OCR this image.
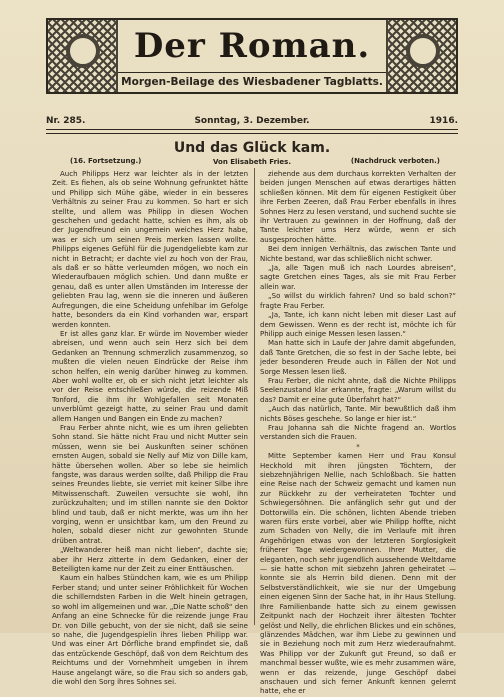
Der Roman.
Morgen-Beilage des Wiesbadener Tagblatts.
Nr. 285.	Sonntag, 3. Dezember.	1916.
Und das Glück kam.
(16. Fortsetzung.)	Von Elisabeth Fries.	(Nachdruck verboten.)

Auch Philipps Herz war leichter als in der letzten Zeit. Es fiehen, als ob seine Wohnung gefrunktet hätte und Philipp sich Mühe gäbe, wieder in ein besseres Verhältnis zu seiner Frau zu kommen. So hart er sich stellte, und allem was Philipp in diesen Wochen geschehen und gedacht hatte, schien es ihm, als ob der Jugendfreund ein ungemein weiches Herz habe, was er sich um seinen Preis merken lassen wollte. Philipps eigenes Gefühl für die Jugendgeliebte kam zur nicht in Betracht; er dachte viel zu hoch von der Frau, als daß er so hätte verleumden mögen, wo noch ein Wiederaufbauen möglich schien. Und dann mußte er genau, daß es unter allen Umständen im Interesse der geliebten Frau lag, wenn sie die inneren und äußeren Aufregungen, die eine Scheidung unfehlbar im Gefolge hatte, besonders da ein Kind vorhanden war, erspart werden konnten.

Er ist alles ganz klar. Er würde im November wieder abreisen, und wenn auch sein Herz sich bei dem Gedanken an Trennung schmerzlich zusammenzog, so mußten die vielen neuen Eindrücke der Reise ihm schon helfen, ein wenig darüber hinweg zu kommen. Aber wohl wollte er, ob er sich nicht jetzt leichter als vor der Reise entschließen würde, die reizende Miß Tonford, die ihm ihr Wohlgefallen seit Monaten unverblümt gezeigt hatte, zu seiner Frau und damit allem Hangen und Bangen ein Ende zu machen?

Frau Ferber ahnte nicht, wie es um ihren geliebten Sohn stand. Sie hätte nicht Frau und nicht Mutter sein müssen, wenn sie bei Auskunften seiner schönen ernsten Augen, sobald sie Nelly auf Miz von Dille kam, hätte übersehen wollen. Aber so lebe sie heimlich fangste, was daraus werden sollte, daß Philipp die Frau seines Freundes liebte, sie verriet mit keiner Silbe ihre Mitwissenschaft. Zuweilen versuchte sie wohl, ihn zurückzuhalten; und im stillen nannte sie den Doktor blind und taub, daß er nicht merkte, was um ihn her vorging, wenn er unsichtbar kam, um den Freund zu holen, sobald dieser nicht zur gewohnten Stunde drüben antrat.

„Weltwanderer heiß man nicht lieben“, dachte sie; aber ihr Herz zitterte in dem Gedanken, einer der Beteiligten kame nur der Zeit zu einer Enttäuschen.

Kaum ein halbes Stündchen kam, wie es um Philipp Ferber stand; und unter seiner Fröhlichkeit für Wochen die schillerndsten Farben in die Welt hinein getragen, so wohl im allgemeinen und war. „Die Natte schoß“ den Anfang an eine Schnecke für die reizende junge Frau Dr. von Dille gebucht, von der sie nicht, daß sie seine so nahe, die Jugendgespielin ihres lieben Philipp war. Und was einer Art Dörfliche brand empfindet sie, daß das entzückende Geschöpf, daß von dem Reichtum des Reichtums und der Vornehmheit umgeben in ihrem Hause angelangt wäre, so die Frau sich so anders gab, die wohl den Sorg ihres Sohnes sei.

ziehende aus dem durchaus korrekten Verhalten der beiden jungen Menschen auf etwas derartiges hätten schließen können. Mit dem für eigenen Festigkeit über ihre Ferben Zeeren, daß Frau Ferber ebenfalls in ihres Sohnes Herz zu lesen verstand, und suchend suchte sie ihr Vertrauen zu gewinnen in der Hoffnung, daß der Tante leichter ums Herz würde, wenn er sich ausgesprochen hätte.

Bei dem innigen Verhältnis, das zwischen Tante und Nichte bestand, war das schließlich nicht schwer.

„Ja, alle Tagen muß ich nach Lourdes abreisen“, sagte Gretchen eines Tages, als sie mit Frau Ferber allein war.

„So willst du wirklich fahren? Und so bald schon?“ fragte Frau Ferber.

„Ja, Tante, ich kann nicht leben mit dieser Last auf dem Gewissen. Wenn es der recht ist, möchte ich für Philipp auch einige Messen lesen lassen.“

Man hatte sich in Laufe der Jahre damit abgefunden, daß Tante Gretchen, die so fest in der Sache lebte, bei jeder besonderen Freude auch in Fällen der Not und Sorge Messen lesen ließ.

Frau Ferber, die nicht ahnte, daß die Nichte Philipps Seelenzustand klar erkannte, fragte: „Warum willst du das? Damit er eine gute Überfahrt hat?“

„Auch das natürlich, Tante. Mir bewußtlich daß ihm nichts Böses geschehe. So lange er hier ist.“

Frau Johanna sah die Nichte fragend an. Wortlos verstanden sich die Frauen.

*

Mitte September kamen Herr und Frau Konsul Heckhold mit ihren jüngsten Töchtern, der siebzehnjährigen Nellie, nach Schloßbach. Sie hatten eine Reise nach der Schweiz gemacht und kamen nun zur Rückkehr zu der verheirateten Tochter und Schwiegersöhnen. Die anfänglich sehr gut und der Dottorwilla ein. Die schönen, lichten Abende trieben waren fürs erste vorbei, aber wie Philipp hoffte, nicht zum Schaden von Nelly, die im Verlaufe mit ihren Angehörigen etwas von der letzteren Sorglosigkeit früherer Tage wiedergewonnen. Ihrer Mutter, die eleganten, noch sehr jugendlich aussehende Weltdame — sie hatte schon mit siebzehn Jahren geheiratet — konnte sie als Herrin bild dienen. Denn mit der Selbstverständlichkeit, wie sie nur der Umgebung einen eigenen Sinn der Sache hat, in ihr Haus Stellung. Ihre Familienbande hatte sich zu einem gewissen Zeitpunkt nach der Hochzeit ihrer ältesten Tochter gelöst und Nelly, die ehrlichen Blickes und ein schönes, glänzendes Mädchen, war ihm Liebe zu gewinnen und sie in Beziehung noch mit zum Herz wiederaufnahmt. Was Philipp vor der Zukunft gut Freund, so daß er manchmal besser wußte, wie es mehr zusammen wäre, wenn er das reizende, junge Geschöpf dabei anschauen und sich ferner Ankunft kennen gelernt hatte, ehe er
